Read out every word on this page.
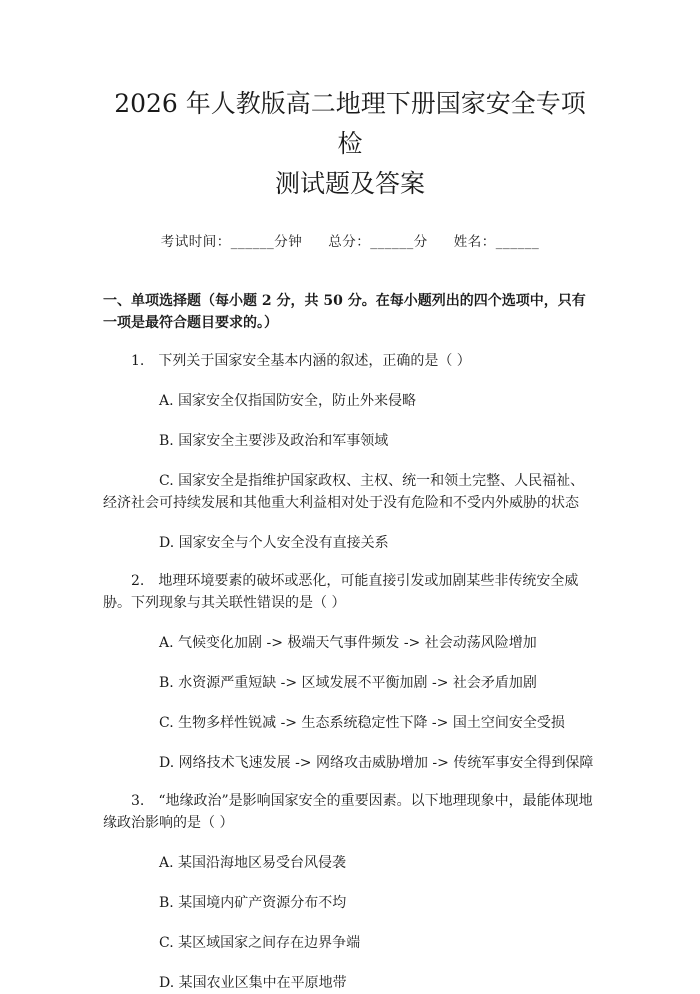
2026 年人教版高二地理下册国家安全专项检
测试题及答案
考试时间：______分钟 总分：______分 姓名：______
一、单项选择题（每小题 2 分，共 50 分。在每小题列出的四个选项中，只有一项是最符合题目要求的。）
1.　下列关于国家安全基本内涵的叙述，正确的是（ ）
A. 国家安全仅指国防安全，防止外来侵略
B. 国家安全主要涉及政治和军事领域
C. 国家安全是指维护国家政权、主权、统一和领土完整、人民福祉、经济社会可持续发展和其他重大利益相对处于没有危险和不受内外威胁的状态
D. 国家安全与个人安全没有直接关系
2.　地理环境要素的破坏或恶化，可能直接引发或加剧某些非传统安全威胁。下列现象与其关联性错误的是（ ）
A. 气候变化加剧 -> 极端天气事件频发 -> 社会动荡风险增加
B. 水资源严重短缺 -> 区域发展不平衡加剧 -> 社会矛盾加剧
C. 生物多样性锐减 -> 生态系统稳定性下降 -> 国土空间安全受损
D. 网络技术飞速发展 -> 网络攻击威胁增加 -> 传统军事安全得到保障
3.　“地缘政治”是影响国家安全的重要因素。以下地理现象中，最能体现地缘政治影响的是（ ）
A. 某国沿海地区易受台风侵袭
B. 某国境内矿产资源分布不均
C. 某区域国家之间存在边界争端
D. 某国农业区集中在平原地带
